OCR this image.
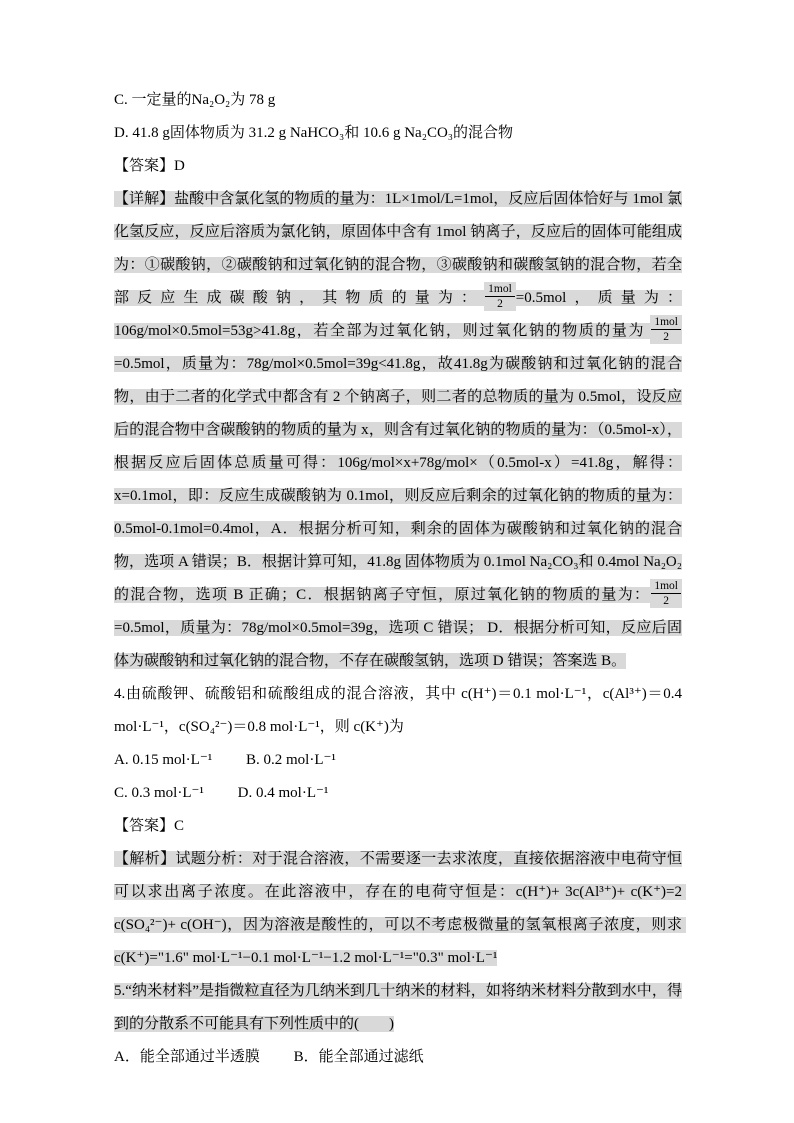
C. 一定量的Na₂O₂为 78 g

D. 41.8 g固体物质为 31.2 g NaHCO₃和 10.6 g Na₂CO₃的混合物

【答案】D

【详解】盐酸中含氯化氢的物质的量为：1L×1mol/L=1mol，反应后固体恰好与 1mol 氯化氢反应，反应后溶质为氯化钠，原固体中含有 1mol 钠离子，反应后的固体可能组成为：①碳酸钠，②碳酸钠和过氧化钠的混合物，③碳酸钠和碳酸氢钠的混合物，若全部反应生成碳酸钠，其物质的量为： $\frac{\text{1mol}}{2} =0.5mol$，质量为：106g/mol×0.5mol=53g>41.8g，若全部为过氧化钠，则过氧化钠的物质的量为 $\frac{\text{1mol}}{2}$
=0.5mol，质量为：78g/mol×0.5mol=39g<41.8g，故41.8g为碳酸钠和过氧化钠的混合物，由于二者的化学式中都含有 2 个钠离子，则二者的总物质的量为 0.5mol，设反应后的混合物中含碳酸钠的物质的量为 x，则含有过氧化钠的物质的量为：（0.5mol-x），根据反应后固体总质量可得：106g/mol×x+78g/mol×（0.5mol-x）=41.8g，解得：x=0.1mol，即：反应生成碳酸钠为 0.1mol，则反应后剩余的过氧化钠的物质的量为：0.5mol-0.1mol=0.4mol，A．根据分析可知，剩余的固体为碳酸钠和过氧化钠的混合物，选项 A 错误；B．根据计算可知，41.8g 固体物质为 0.1mol Na₂CO₃和 0.4mol Na₂O₂的混合物，选项 B 正确；C．根据钠离子守恒，原过氧化钠的物质的量为： $\frac{\text{1mol}}{2}$
=0.5mol，质量为：78g/mol×0.5mol=39g，选项 C 错误； D．根据分析可知，反应后固体为碳酸钠和过氧化钠的混合物，不存在碳酸氢钠，选项 D 错误；答案选 B。

4.由硫酸钾、硫酸铝和硫酸组成的混合溶液，其中 c(H⁺)＝0.1 mol·L⁻¹，c(Al³⁺)＝0.4 mol·L⁻¹，c(SO₄²⁻)＝0.8 mol·L⁻¹，则 c(K⁺)为

A. 0.15 mol·L⁻¹　　 B. 0.2 mol·L⁻¹

C. 0.3 mol·L⁻¹　　 D. 0.4 mol·L⁻¹

【答案】C

【解析】试题分析：对于混合溶液，不需要逐一去求浓度，直接依据溶液中电荷守恒可以求出离子浓度。在此溶液中，存在的电荷守恒是：c(H⁺)+ 3c(Al³⁺)+ c(K⁺)=2 c(SO₄²⁻)+ c(OH⁻)，因为溶液是酸性的，可以不考虑极微量的氢氧根离子浓度，则求 c(K⁺)="1.6" mol·L⁻¹−0.1 mol·L⁻¹−1.2 mol·L⁻¹="0.3" mol·L⁻¹

5.“纳米材料”是指微粒直径为几纳米到几十纳米的材料，如将纳米材料分散到水中，得到的分散系不可能具有下列性质中的(　　)

A．能全部通过半透膜　　 B．能全部通过滤纸
